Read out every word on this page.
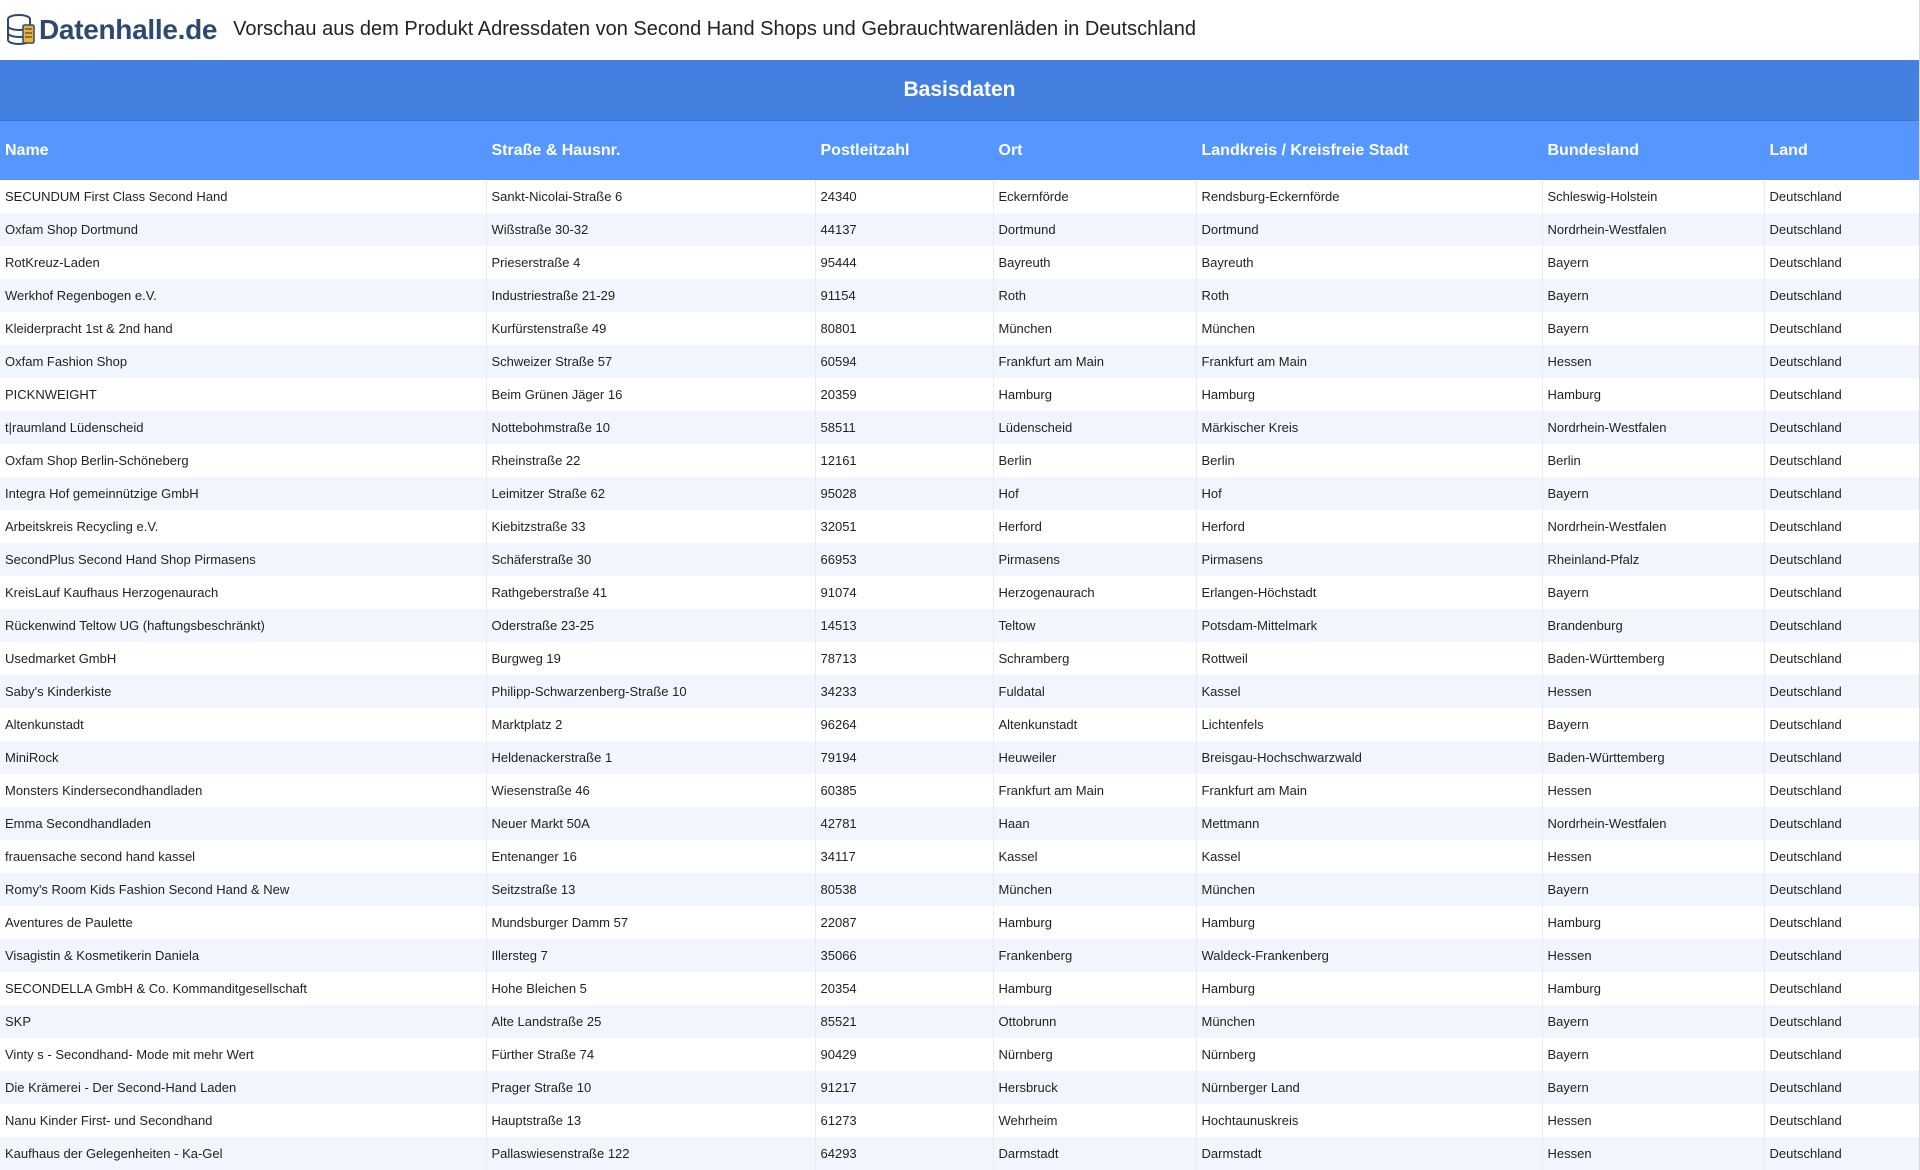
Datenhalle.de Vorschau aus dem Produkt Adressdaten von Second Hand Shops und Gebrauchtwarenläden in Deutschland
Basisdaten
Name	Straße & Hausnr.	Postleitzahl	Ort	Landkreis / Kreisfreie Stadt	Bundesland	Land
SECUNDUM First Class Second Hand	Sankt-Nicolai-Straße 6	24340	Eckernförde	Rendsburg-Eckernförde	Schleswig-Holstein	Deutschland
Oxfam Shop Dortmund	Wißstraße 30-32	44137	Dortmund	Dortmund	Nordrhein-Westfalen	Deutschland
RotKreuz-Laden	Prieserstraße 4	95444	Bayreuth	Bayreuth	Bayern	Deutschland
Werkhof Regenbogen e.V.	Industriestraße 21-29	91154	Roth	Roth	Bayern	Deutschland
Kleiderpracht 1st & 2nd hand	Kurfürstenstraße 49	80801	München	München	Bayern	Deutschland
Oxfam Fashion Shop	Schweizer Straße 57	60594	Frankfurt am Main	Frankfurt am Main	Hessen	Deutschland
PICKNWEIGHT	Beim Grünen Jäger 16	20359	Hamburg	Hamburg	Hamburg	Deutschland
t|raumland Lüdenscheid	Nottebohmstraße 10	58511	Lüdenscheid	Märkischer Kreis	Nordrhein-Westfalen	Deutschland
Oxfam Shop Berlin-Schöneberg	Rheinstraße 22	12161	Berlin	Berlin	Berlin	Deutschland
Integra Hof gemeinnützige GmbH	Leimitzer Straße 62	95028	Hof	Hof	Bayern	Deutschland
Arbeitskreis Recycling e.V.	Kiebitzstraße 33	32051	Herford	Herford	Nordrhein-Westfalen	Deutschland
SecondPlus Second Hand Shop Pirmasens	Schäferstraße 30	66953	Pirmasens	Pirmasens	Rheinland-Pfalz	Deutschland
KreisLauf Kaufhaus Herzogenaurach	Rathgeberstraße 41	91074	Herzogenaurach	Erlangen-Höchstadt	Bayern	Deutschland
Rückenwind Teltow UG (haftungsbeschränkt)	Oderstraße 23-25	14513	Teltow	Potsdam-Mittelmark	Brandenburg	Deutschland
Usedmarket GmbH	Burgweg 19	78713	Schramberg	Rottweil	Baden-Württemberg	Deutschland
Saby's Kinderkiste	Philipp-Schwarzenberg-Straße 10	34233	Fuldatal	Kassel	Hessen	Deutschland
Altenkunstadt	Marktplatz 2	96264	Altenkunstadt	Lichtenfels	Bayern	Deutschland
MiniRock	Heldenackerstraße 1	79194	Heuweiler	Breisgau-Hochschwarzwald	Baden-Württemberg	Deutschland
Monsters Kindersecondhandladen	Wiesenstraße 46	60385	Frankfurt am Main	Frankfurt am Main	Hessen	Deutschland
Emma Secondhandladen	Neuer Markt 50A	42781	Haan	Mettmann	Nordrhein-Westfalen	Deutschland
frauensache second hand kassel	Entenanger 16	34117	Kassel	Kassel	Hessen	Deutschland
Romy's Room Kids Fashion Second Hand & New	Seitzstraße 13	80538	München	München	Bayern	Deutschland
Aventures de Paulette	Mundsburger Damm 57	22087	Hamburg	Hamburg	Hamburg	Deutschland
Visagistin & Kosmetikerin Daniela	Illersteg 7	35066	Frankenberg	Waldeck-Frankenberg	Hessen	Deutschland
SECONDELLA GmbH & Co. Kommanditgesellschaft	Hohe Bleichen 5	20354	Hamburg	Hamburg	Hamburg	Deutschland
SKP	Alte Landstraße 25	85521	Ottobrunn	München	Bayern	Deutschland
Vinty s - Secondhand- Mode mit mehr Wert	Fürther Straße 74	90429	Nürnberg	Nürnberg	Bayern	Deutschland
Die Krämerei - Der Second-Hand Laden	Prager Straße 10	91217	Hersbruck	Nürnberger Land	Bayern	Deutschland
Nanu Kinder First- und Secondhand	Hauptstraße 13	61273	Wehrheim	Hochtaunuskreis	Hessen	Deutschland
Kaufhaus der Gelegenheiten - Ka-Gel	Pallaswiesenstraße 122	64293	Darmstadt	Darmstadt	Hessen	Deutschland
